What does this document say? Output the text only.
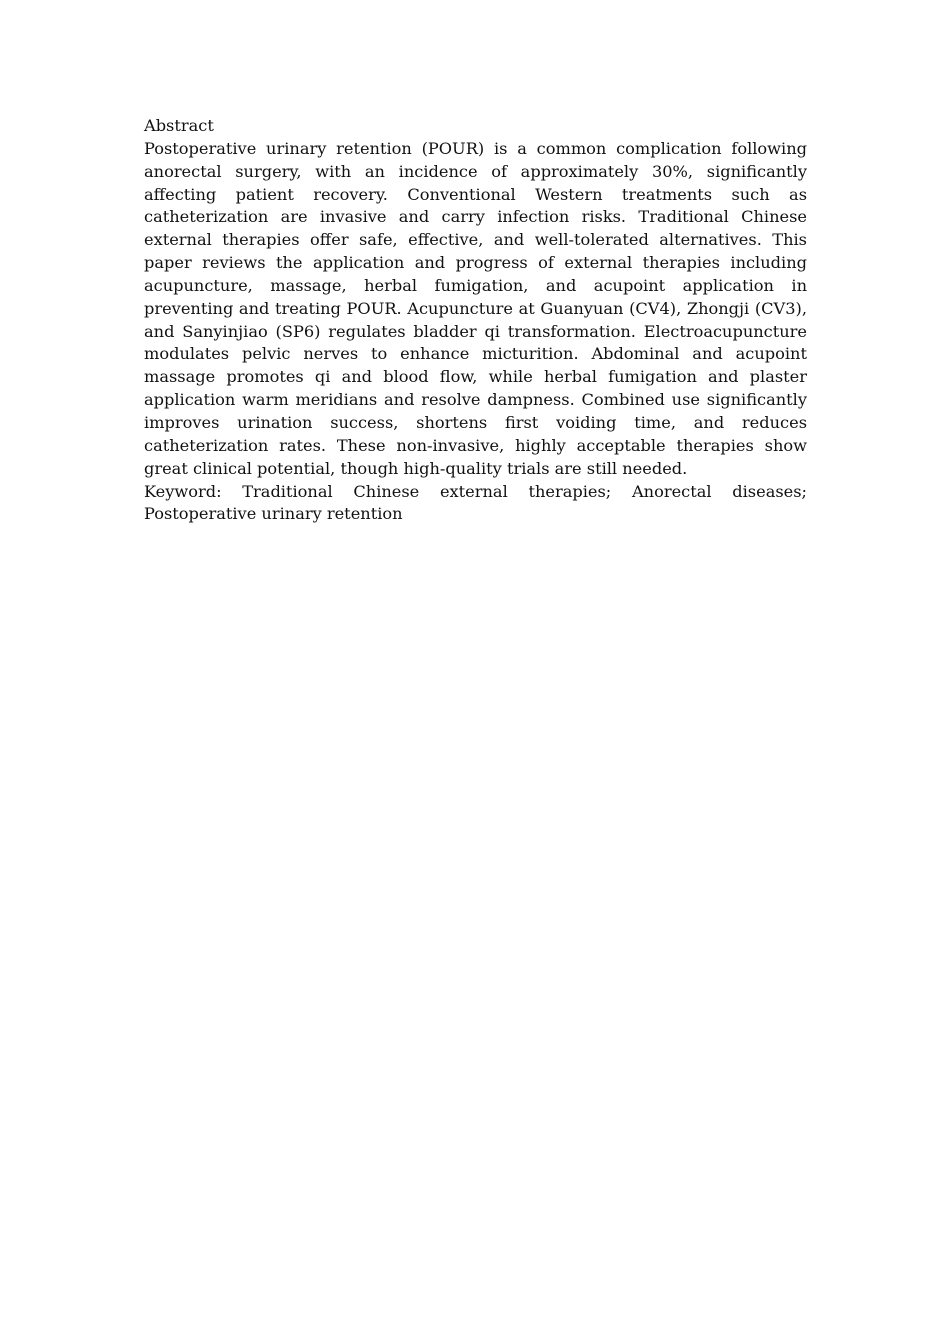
Abstract

Postoperative urinary retention (POUR) is a common complication following anorectal surgery, with an incidence of approximately 30%, significantly affecting patient recovery. Conventional Western treatments such as catheterization are invasive and carry infection risks. Traditional Chinese external therapies offer safe, effective, and well-tolerated alternatives. This paper reviews the application and progress of external therapies including acupuncture, massage, herbal fumigation, and acupoint application in preventing and treating POUR. Acupuncture at Guanyuan (CV4), Zhongji (CV3), and Sanyinjiao (SP6) regulates bladder qi transformation. Electroacupuncture modulates pelvic nerves to enhance micturition. Abdominal and acupoint massage promotes qi and blood flow, while herbal fumigation and plaster application warm meridians and resolve dampness. Combined use significantly improves urination success, shortens first voiding time, and reduces catheterization rates. These non-invasive, highly acceptable therapies show great clinical potential, though high-quality trials are still needed.

Keyword: Traditional Chinese external therapies; Anorectal diseases; Postoperative urinary retention
